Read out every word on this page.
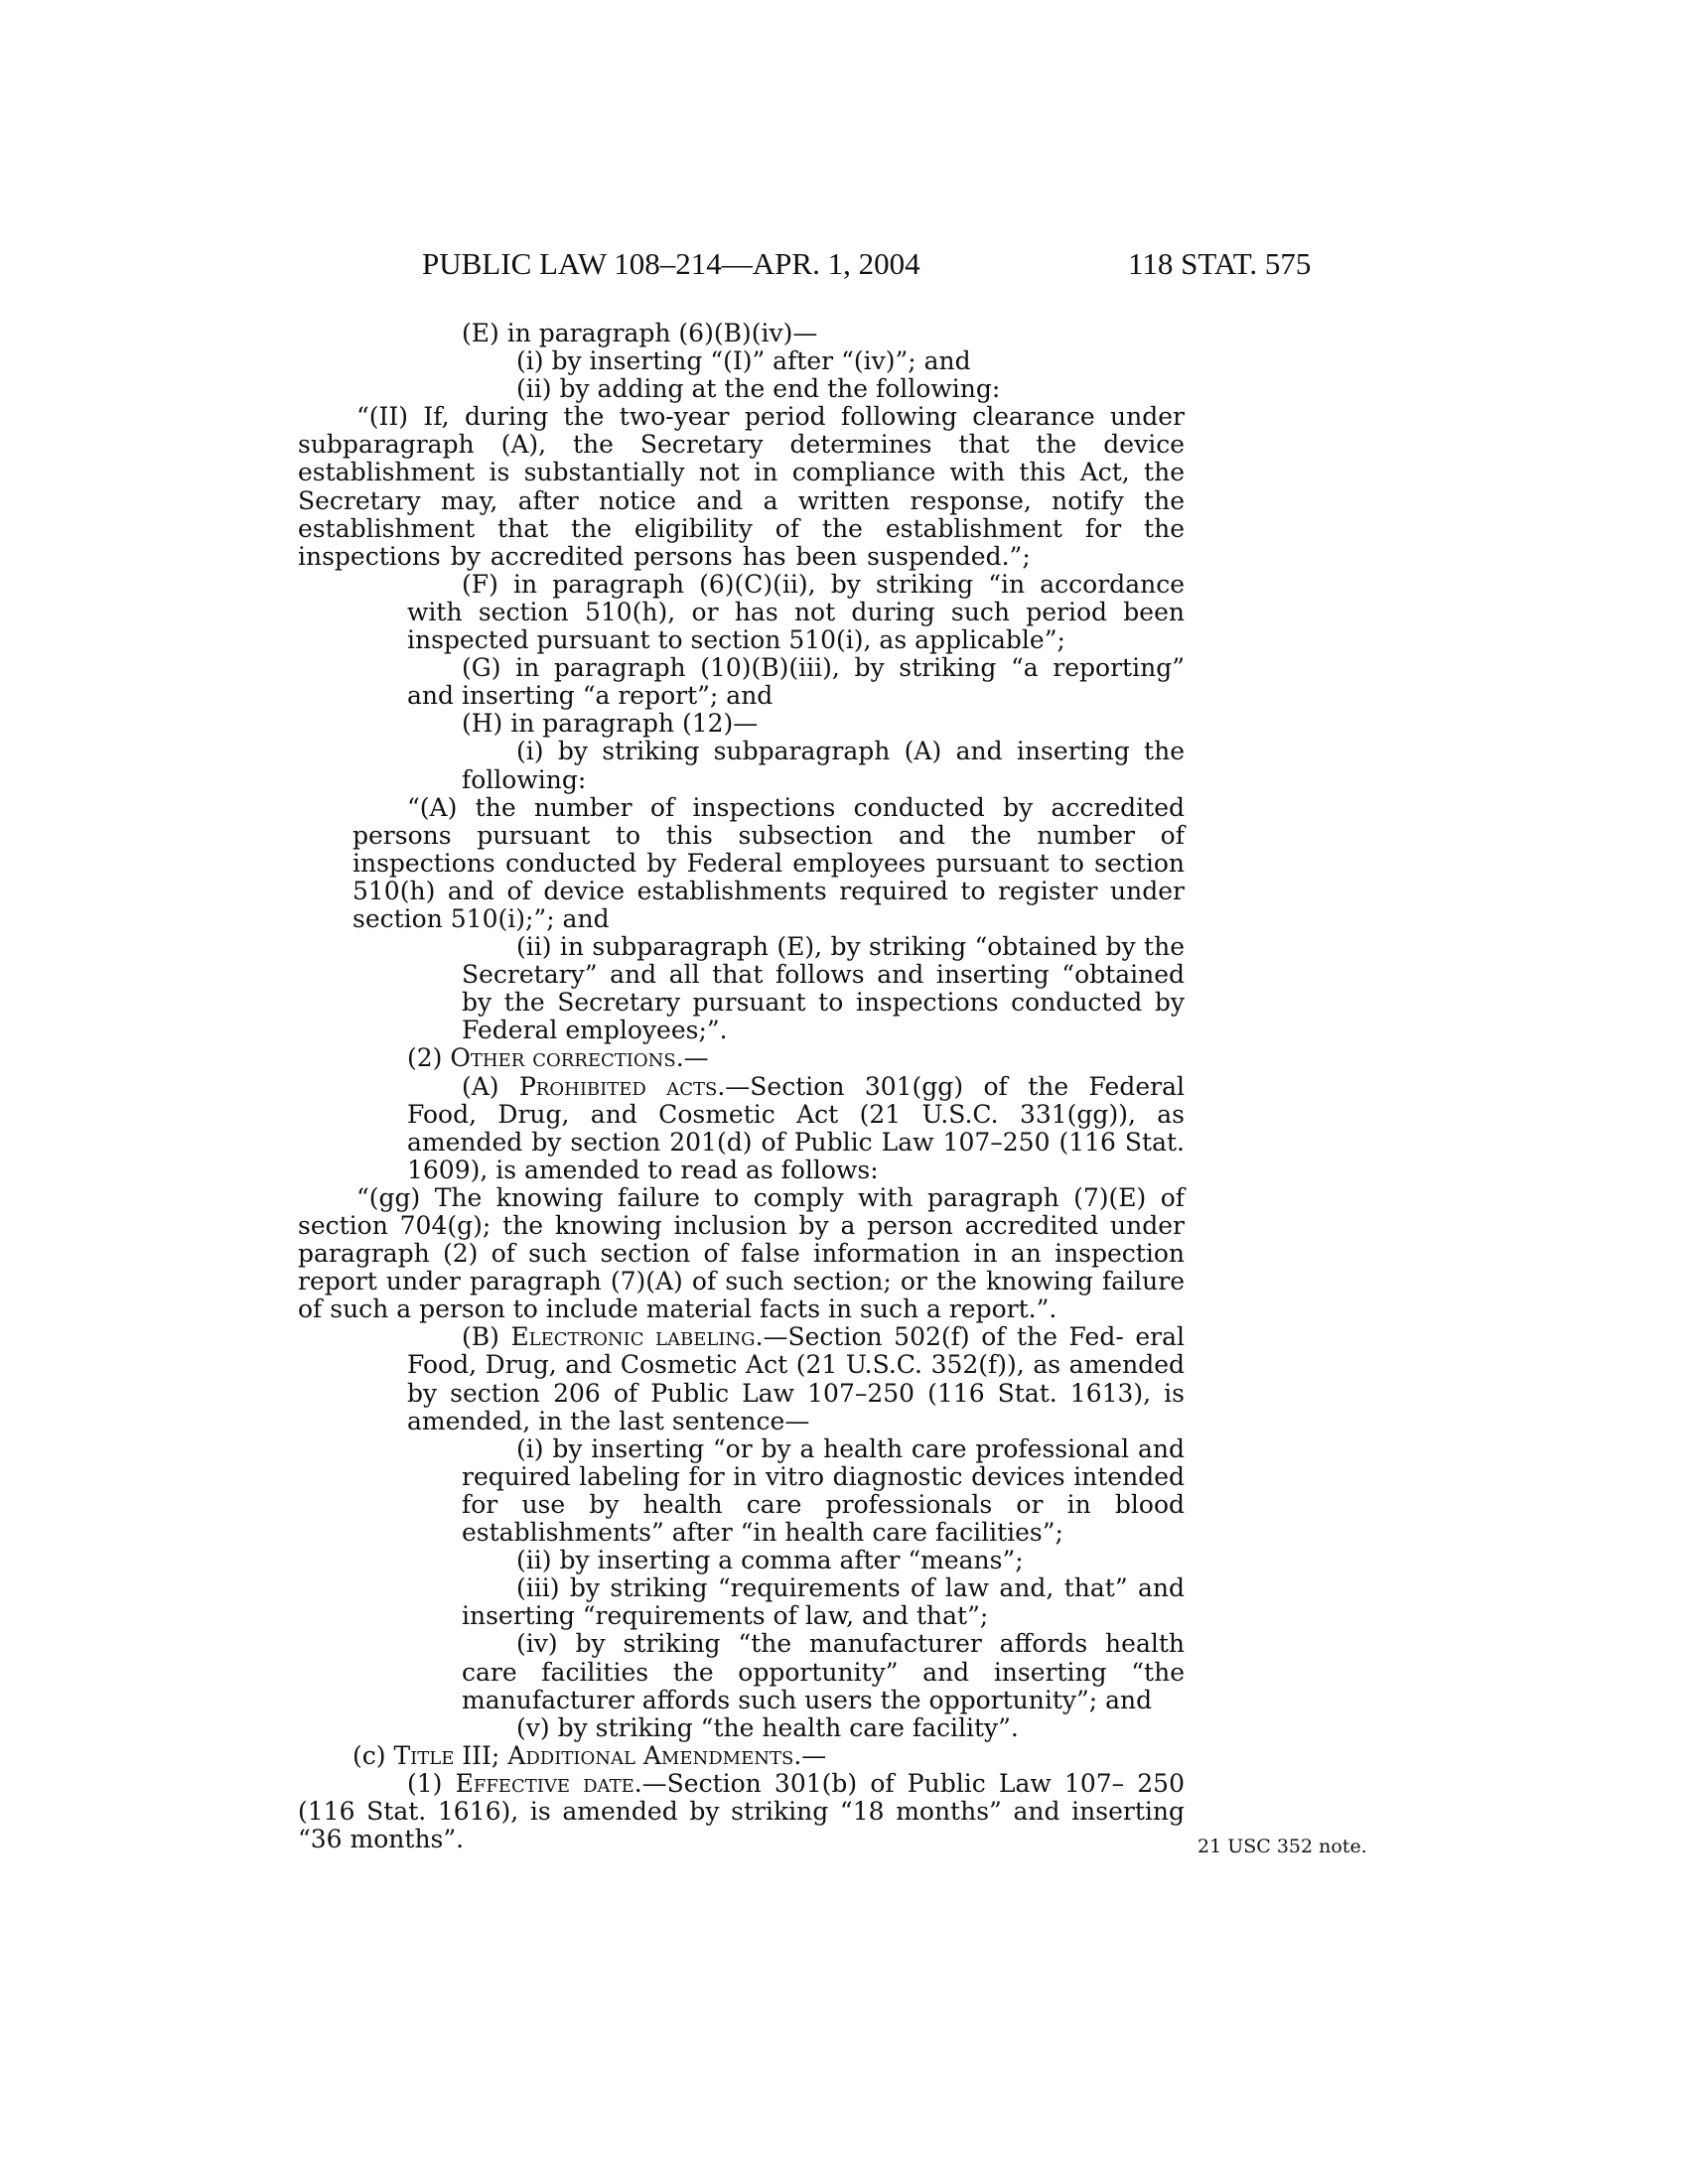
PUBLIC LAW 108–214—APR. 1, 2004	118 STAT. 575

(E) in paragraph (6)(B)(iv)—

(i) by inserting “(I)” after “(iv)”; and

(ii) by adding at the end the following:

“(II) If, during the two-year period following clearance under subparagraph (A), the Secretary determines that the device establishment is substantially not in compliance with this Act, the Secretary may, after notice and a written response, notify the establishment that the eligibility of the establishment for the inspections by accredited persons has been suspended.”;

(F) in paragraph (6)(C)(ii), by striking “in accordance with section 510(h), or has not during such period been inspected pursuant to section 510(i), as applicable”;

(G) in paragraph (10)(B)(iii), by striking “a reporting” and inserting “a report”; and

(H) in paragraph (12)—

(i) by striking subparagraph (A) and inserting the following:

“(A) the number of inspections conducted by accredited persons pursuant to this subsection and the number of inspections conducted by Federal employees pursuant to section 510(h) and of device establishments required to register under section 510(i);”; and

(ii) in subparagraph (E), by striking “obtained by the Secretary” and all that follows and inserting “obtained by the Secretary pursuant to inspections conducted by Federal employees;”.

(2) Other corrections.—

(A) Prohibited acts.—Section 301(gg) of the Federal Food, Drug, and Cosmetic Act (21 U.S.C. 331(gg)), as amended by section 201(d) of Public Law 107–250 (116 Stat. 1609), is amended to read as follows:

“(gg) The knowing failure to comply with paragraph (7)(E) of section 704(g); the knowing inclusion by a person accredited under paragraph (2) of such section of false information in an inspection report under paragraph (7)(A) of such section; or the knowing failure of such a person to include material facts in such a report.”.

(B) Electronic labeling.—Section 502(f) of the Fed- eral Food, Drug, and Cosmetic Act (21 U.S.C. 352(f)), as amended by section 206 of Public Law 107–250 (116 Stat. 1613), is amended, in the last sentence—

(i) by inserting “or by a health care professional and required labeling for in vitro diagnostic devices intended for use by health care professionals or in blood establishments” after “in health care facilities”;

(ii) by inserting a comma after “means”;

(iii) by striking “requirements of law and, that” and inserting “requirements of law, and that”;

(iv) by striking “the manufacturer affords health care facilities the opportunity” and inserting “the manufacturer affords such users the opportunity”; and

(v) by striking “the health care facility”.

(c) Title III; Additional Amendments.—

(1) Effective date.—Section 301(b) of Public Law 107– 250 (116 Stat. 1616), is amended by striking “18 months” and inserting “36 months”.	21 USC 352 note.
